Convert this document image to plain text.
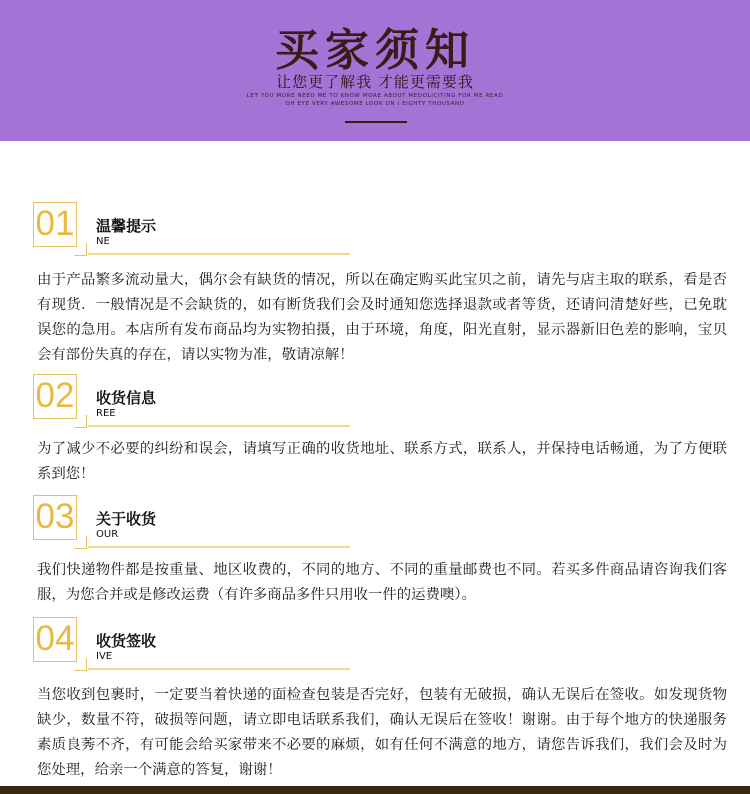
买家须知
让您更了解我 才能更需要我
LET YOU MORE NEED ME TO KNOW MORE ABOUT MEDOLICITING FOR ME READ
OH EYE VERY AWESOME LOOK ON I EIGHTY THOUSAND
01 温馨提示
NE
由于产品繁多流动量大，偶尔会有缺货的情况，所以在确定购买此宝贝之前，请先与店主取的联系，看是否有现货．一般情况是不会缺货的，如有断货我们会及时通知您选择退款或者等货，还请问清楚好些，已免耽误您的急用。本店所有发布商品均为实物拍摄，由于环境，角度，阳光直射，显示器新旧色差的影响，宝贝会有部份失真的存在，请以实物为准，敬请凉解！
02 收货信息
REE
为了减少不必要的纠纷和误会，请填写正确的收货地址、联系方式，联系人，并保持电话畅通，为了方便联系到您！
03 关于收货
OUR
我们快递物件都是按重量、地区收费的，不同的地方、不同的重量邮费也不同。若买多件商品请咨询我们客服，为您合并或是修改运费（有许多商品多件只用收一件的运费噢）。
04 收货签收
IVE
当您收到包裹时，一定要当着快递的面检查包装是否完好，包装有无破损，确认无误后在签收。如发现货物缺少，数量不符，破损等问题，请立即电话联系我们，确认无误后在签收！谢谢。由于每个地方的快递服务素质良莠不齐，有可能会给买家带来不必要的麻烦，如有任何不满意的地方，请您告诉我们，我们会及时为您处理，给亲一个满意的答复，谢谢！
